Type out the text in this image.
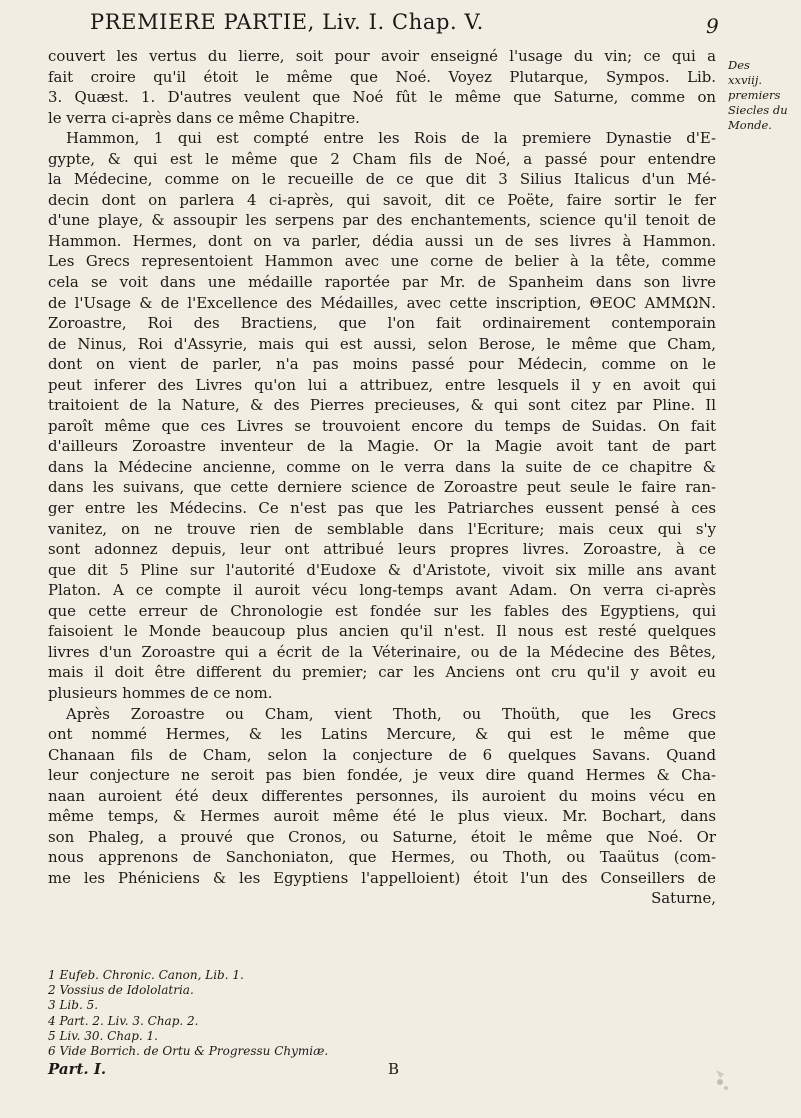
PREMIERE PARTIE, Liv. I. Chap. V.	9
Des
xxviij.
premiers
Siecles du
Monde.
couvert les vertus du lierre, soit pour avoir enseigné l'usage du vin; ce qui a
fait croire qu'il étoit le même que Noé. Voyez Plutarque, Sympos. Lib.
3. Quæst. 1. D'autres veulent que Noé fût le même que Saturne, comme on
le verra ci-après dans ce même Chapitre.
Hammon, 1 qui est compté entre les Rois de la premiere Dynastie d'E-
gypte, & qui est le même que 2 Cham fils de Noé, a passé pour entendre
la Médecine, comme on le recueille de ce que dit 3 Silius Italicus d'un Mé-
decin dont on parlera 4 ci-après, qui savoit, dit ce Poëte, faire sortir le fer
d'une playe, & assoupir les serpens par des enchantements, science qu'il tenoit de
Hammon. Hermes, dont on va parler, dédia aussi un de ses livres à Hammon.
Les Grecs representoient Hammon avec une corne de belier à la tête, comme
cela se voit dans une médaille raportée par Mr. de Spanheim dans son livre
de l'Usage & de l'Excellence des Médailles, avec cette inscription, ΘΕΟC ΑΜΜΩΝ.
Zoroastre, Roi des Bractiens, que l'on fait ordinairement contemporain
de Ninus, Roi d'Assyrie, mais qui est aussi, selon Berose, le même que Cham,
dont on vient de parler, n'a pas moins passé pour Médecin, comme on le
peut inferer des Livres qu'on lui a attribuez, entre lesquels il y en avoit qui
traitoient de la Nature, & des Pierres precieuses, & qui sont citez par Pline. Il
paroît même que ces Livres se trouvoient encore du temps de Suidas. On fait
d'ailleurs Zoroastre inventeur de la Magie. Or la Magie avoit tant de part
dans la Médecine ancienne, comme on le verra dans la suite de ce chapitre &
dans les suivans, que cette derniere science de Zoroastre peut seule le faire ran-
ger entre les Médecins. Ce n'est pas que les Patriarches eussent pensé à ces
vanitez, on ne trouve rien de semblable dans l'Ecriture; mais ceux qui s'y
sont adonnez depuis, leur ont attribué leurs propres livres. Zoroastre, à ce
que dit 5 Pline sur l'autorité d'Eudoxe & d'Aristote, vivoit six mille ans avant
Platon. A ce compte il auroit vécu long-temps avant Adam. On verra ci-après
que cette erreur de Chronologie est fondée sur les fables des Egyptiens, qui
faisoient le Monde beaucoup plus ancien qu'il n'est. Il nous est resté quelques
livres d'un Zoroastre qui a écrit de la Véterinaire, ou de la Médecine des Bêtes,
mais il doit être different du premier; car les Anciens ont cru qu'il y avoit eu
plusieurs hommes de ce nom.
Après Zoroastre ou Cham, vient Thoth, ou Thoüth, que les Grecs
ont nommé Hermes, & les Latins Mercure, & qui est le même que
Chanaan fils de Cham, selon la conjecture de 6 quelques Savans. Quand
leur conjecture ne seroit pas bien fondée, je veux dire quand Hermes & Cha-
naan auroient été deux differentes personnes, ils auroient du moins vécu en
même temps, & Hermes auroit même été le plus vieux. Mr. Bochart, dans
son Phaleg, a prouvé que Cronos, ou Saturne, étoit le même que Noé. Or
nous apprenons de Sanchoniaton, que Hermes, ou Thoth, ou Taaütus (com-
me les Phéniciens & les Egyptiens l'appelloient) étoit l'un des Conseillers de
Saturne,
1 Eufeb. Chronic. Canon, Lib. 1.
2 Vossius de Idololatria.
3 Lib. 5.
4 Part. 2. Liv. 3. Chap. 2.
5 Liv. 30. Chap. 1.
6 Vide Borrich. de Ortu & Progressu Chymiæ.
Part. I.	B
